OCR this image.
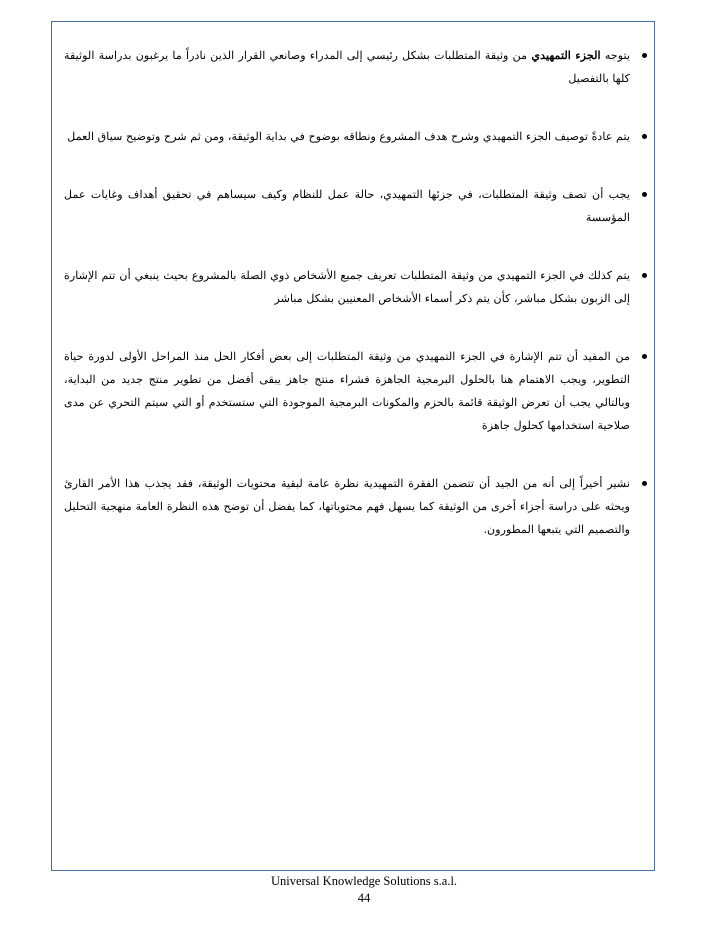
يتوجه الجزء التمهيدي من وثيقة المتطلبات بشكل رئيسي إلى المدراء وصانعي القرار الذين نادراً ما يرغبون بدراسة الوثيقة كلها بالتفصيل
يتم عادةً توصيف الجزء التمهيدي وشرح هدف المشروع ونطاقه بوضوح في بداية الوثيقة، ومن ثم شرح وتوضيح سياق العمل
يجب أن تصف وثيقة المتطلبات، في جزئها التمهيدي، حالة عمل للنظام وكيف سيساهم في تحقيق أهداف وغايات عمل المؤسسة
يتم كذلك في الجزء التمهيدي من وثيقة المتطلبات تعريف جميع الأشخاص ذوي الصلة بالمشروع بحيث ينبغي أن تتم الإشارة إلى الزبون بشكل مباشر، كأن يتم ذكر أسماء الأشخاص المعنيين بشكل مباشر
من المفيد أن تتم الإشارة في الجزء التمهيدي من وثيقة المتطلبات إلى بعض أفكار الحل منذ المراحل الأولى لدورة حياة التطوير، ويجب الاهتمام هنا بالحلول البرمجية الجاهزة فشراء منتج جاهز يبقى أفضل من تطوير منتج جديد من البداية، وبالتالي يجب أن تعرض الوثيقة قائمة بالحزم والمكونات البرمجية الموجودة التي ستستخدم أو التي سيتم التحري عن مدى صلاحية استخدامها كحلول جاهزة
نشير أخيراً إلى أنه من الجيد أن تتضمن الفقرة التمهيدية نظرة عامة لبقية محتويات الوثيقة، فقد يجذب هذا الأمر القارئ ويحثه على دراسة أجزاء أخرى من الوثيقة كما يسهل فهم محتوياتها، كما يفضل أن توضح هذه النظرة العامة منهجية التحليل والتصميم التي يتبعها المطورون.
Universal Knowledge Solutions s.a.l.
44
